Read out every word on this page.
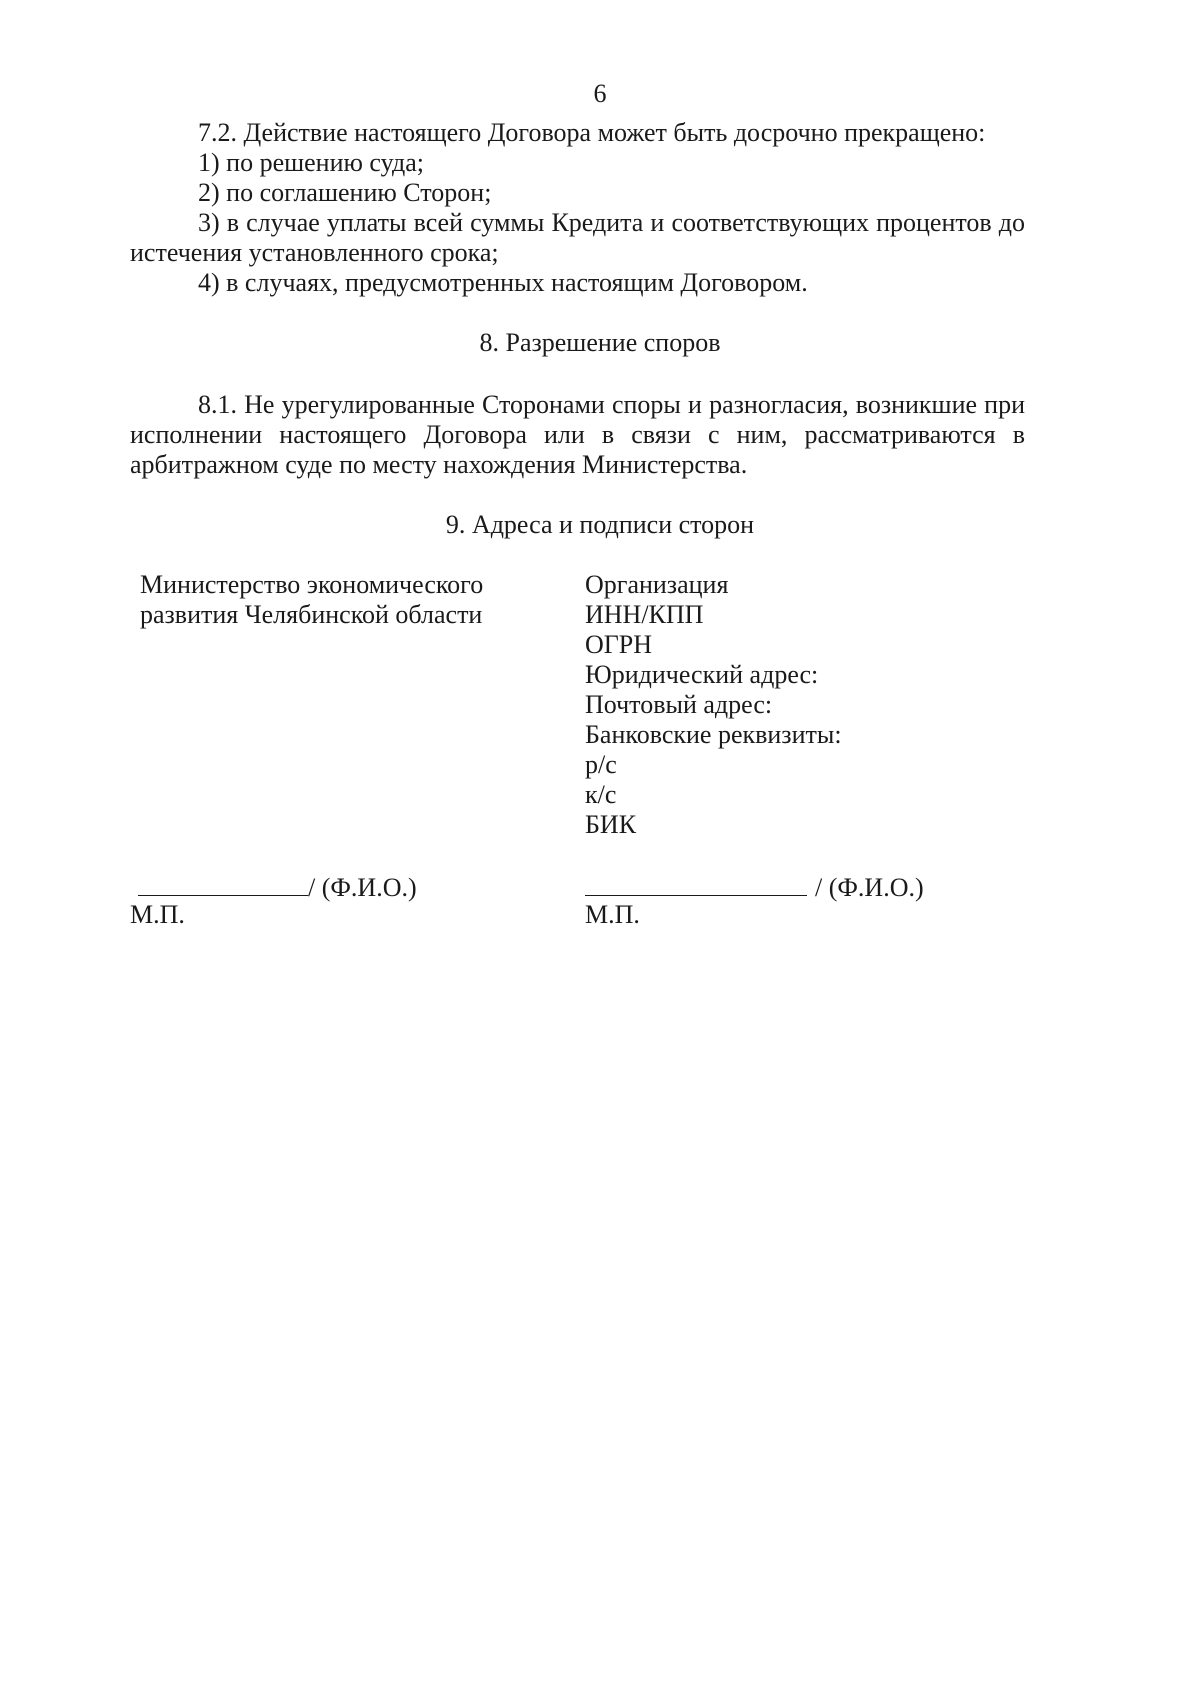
6
7.2. Действие настоящего Договора может быть досрочно прекращено:
1) по решению суда;
2) по соглашению Сторон;
3) в случае уплаты всей суммы Кредита и соответствующих процентов до
истечения установленного срока;
4) в случаях, предусмотренных настоящим Договором.
8. Разрешение споров
8.1. Не урегулированные Сторонами споры и разногласия, возникшие при
исполнении настоящего Договора или в связи с ним, рассматриваются в
арбитражном суде по месту нахождения Министерства.
9. Адреса и подписи сторон
Министерство экономического
развития Челябинской области
Организация
ИНН/КПП
ОГРН
Юридический адрес:
Почтовый адрес:
Банковские реквизиты:
р/с
к/с
БИК
/ (Ф.И.О.)
М.П.
/ (Ф.И.О.)
М.П.
